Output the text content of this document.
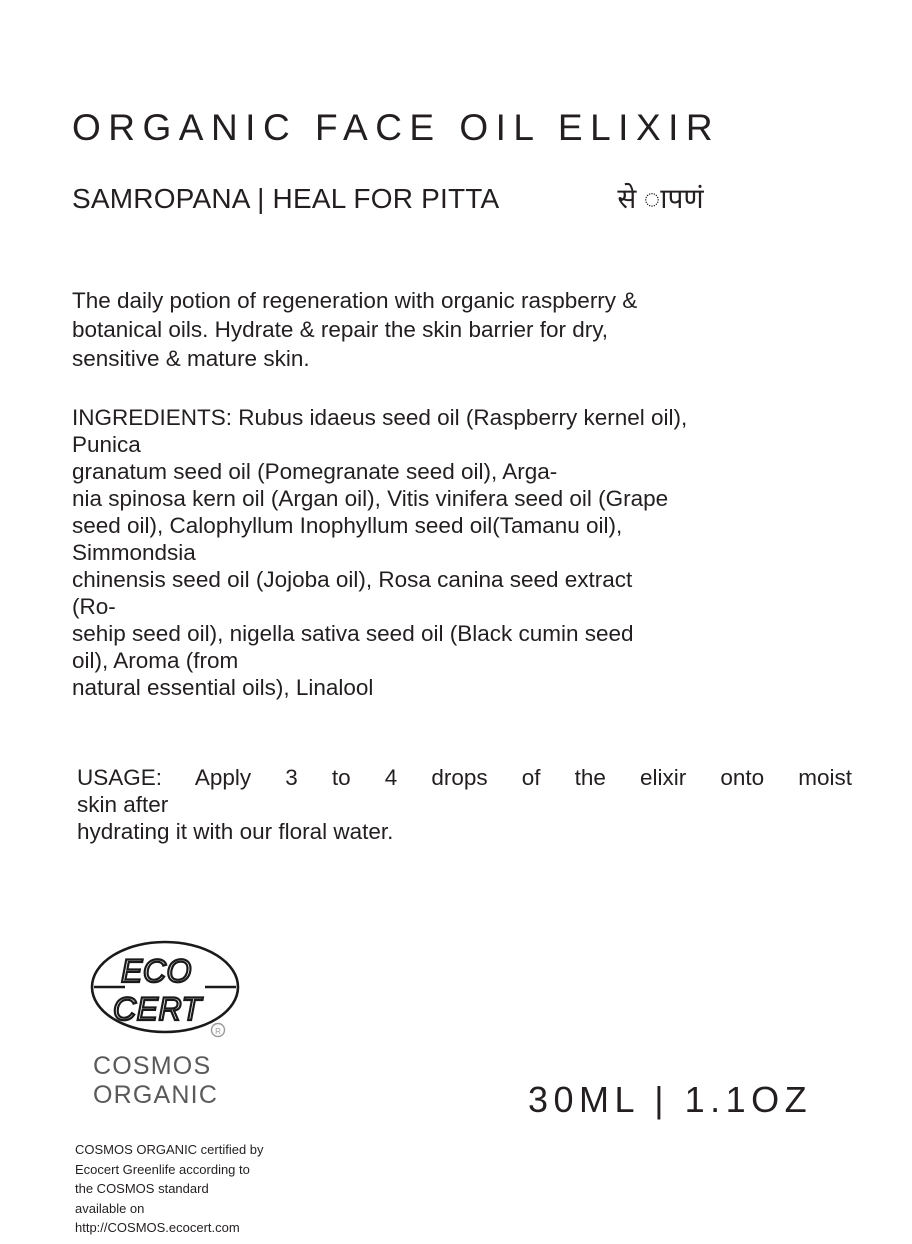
ORGANIC FACE OIL ELIXIR
SAMROPANA | HEAL FOR PITTA	से ापणं

The daily potion of regeneration with organic raspberry &

botanical oils. Hydrate & repair the skin barrier for dry,

sensitive & mature skin.

INGREDIENTS: Rubus idaeus seed oil (Raspberry kernel oil),
Punica
granatum seed oil (Pomegranate seed oil), Arga-
nia spinosa kern oil (Argan oil), Vitis vinifera seed oil (Grape
seed oil), Calophyllum Inophyllum seed oil(Tamanu oil),
Simmondsia
chinensis seed oil (Jojoba oil), Rosa canina seed extract
(Ro-
sehip seed oil), nigella sativa seed oil (Black cumin seed
oil), Aroma (from
natural essential oils), Linalool
USAGE: Apply 3 to 4 drops of the elixir onto moist
skin after
hydrating it with our floral water.
ECO
CERT
R
COSMOS
ORGANIC
COSMOS ORGANIC certified by
Ecocert Greenlife according to
the COSMOS standard
available on
http://COSMOS.ecocert.com
30ML | 1.1OZ
